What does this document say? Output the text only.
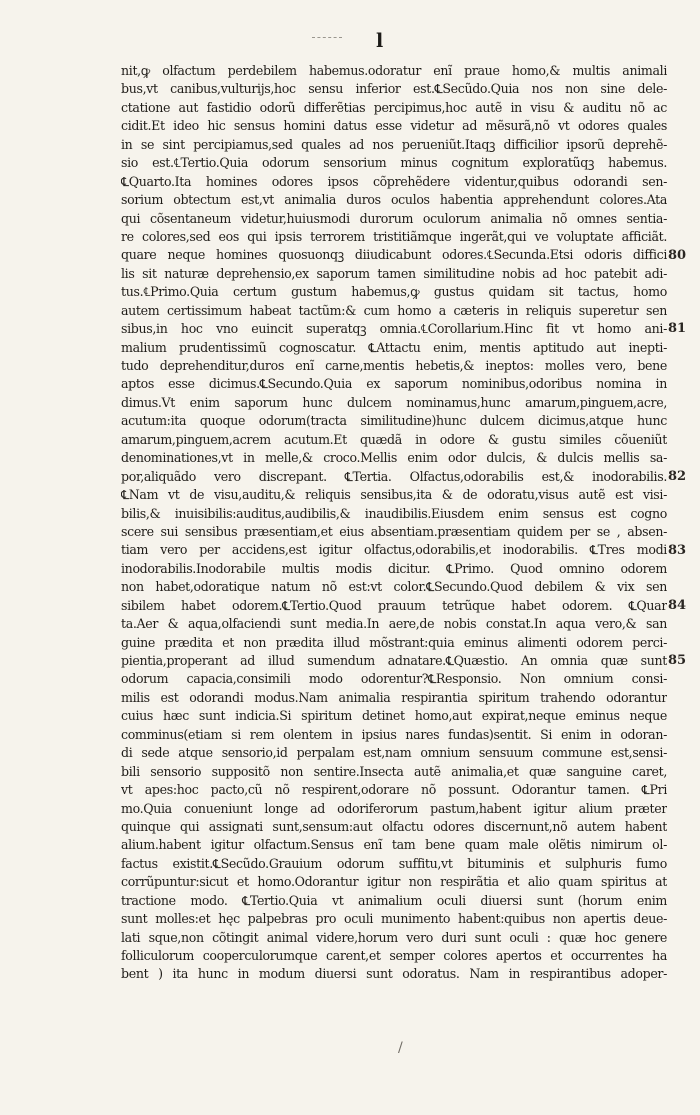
l
nit,ꝙ olfactum perdebilem habemus.odoratur enĩ praue homo,& multis animali
bus,vt canibus,vulturijs,hoc sensu inferior est.℄Secũdo.Quia nos non sine dele-
ctatione aut fastidio odorũ differẽtias percipimus,hoc autẽ in visu & auditu nõ ac
cidit.Et ideo hic sensus homini datus esse videtur ad mẽsurã,nõ vt odores quales
in se sint percipiamus,sed quales ad nos perueniũt.Itaqꝫ difficilior ipsorũ deprehẽ-
sio est.℄Tertio.Quia odorum sensorium minus cognitum exploratũqꝫ habemus.
℄Quarto.Ita homines odores ipsos cõprehẽdere videntur,quibus odorandi sen-
sorium obtectum est,vt animalia duros oculos habentia apprehendunt colores.Ata
qui cõsentaneum videtur,huiusmodi durorum oculorum animalia nõ omnes sentia-
re colores,sed eos qui ipsis terrorem tristitiãmque ingerãt,qui ve voluptate afficiãt.
quare neque homines quosuonqꝫ diiudicabunt odores.℄Secunda.Etsi odoris diffici
lis sit naturæ deprehensio,ex saporum tamen similitudine nobis ad hoc patebit adi-
tus.℄Primo.Quia certum gustum habemus,ꝙ gustus quidam sit tactus, homo
autem certissimum habeat tactũm:& cum homo a cæteris in reliquis superetur sen
sibus,in hoc vno euincit superatqꝫ omnia.℄Corollarium.Hinc fit vt homo ani-
malium prudentissimũ cognoscatur. ℄Attactu enim, mentis aptitudo aut inepti-
tudo deprehenditur,duros enĩ carne,mentis hebetis,& ineptos: molles vero, bene
aptos esse dicimus.℄Secundo.Quia ex saporum nominibus,odoribus nomina in
dimus.Vt enim saporum hunc dulcem nominamus,hunc amarum,pinguem,acre,
acutum:ita quoque odorum(tracta similitudine)hunc dulcem dicimus,atque hunc
amarum,pinguem,acrem acutum.Et quædã in odore & gustu similes cõueniũt
denominationes,vt in melle,& croco.Mellis enim odor dulcis, & dulcis mellis sa-
por,aliquãdo vero discrepant. ℄Tertia. Olfactus,odorabilis est,& inodorabilis.
℄Nam vt de visu,auditu,& reliquis sensibus,ita & de odoratu,visus autẽ est visi-
bilis,& inuisibilis:auditus,audibilis,& inaudibilis.Eiusdem enim sensus est cogno
scere sui sensibus præsentiam,et eius absentiam.præsentiam quidem per se , absen-
tiam vero per accidens,est igitur olfactus,odorabilis,et inodorabilis. ℄Tres modi
inodorabilis.Inodorabile multis modis dicitur. ℄Primo. Quod omnino odorem
non habet,odoratique natum nõ est:vt color.℄Secundo.Quod debilem & vix sen
sibilem habet odorem.℄Tertio.Quod prauum tetrũque habet odorem. ℄Quar
ta.Aer & aqua,olfaciendi sunt media.In aere,de nobis constat.In aqua vero,& san
guine prædita et non prædita illud mõstrant:quia eminus alimenti odorem perci-
pientia,properant ad illud sumendum adnatare.℄Quæstio. An omnia quæ sunt
odorum capacia,consimili modo odorentur?℄Responsio. Non omnium consi-
milis est odorandi modus.Nam animalia respirantia spiritum trahendo odorantur
cuius hæc sunt indicia.Si spiritum detinet homo,aut expirat,neque eminus neque
comminus(etiam si rem olentem in ipsius nares fundas)sentit. Si enim in odoran-
di sede atque sensorio,id perpalam est,nam omnium sensuum commune est,sensi-
bili sensorio suppositõ non sentire.Insecta autẽ animalia,et quæ sanguine caret,
vt apes:hoc pacto,cũ nõ respirent,odorare nõ possunt. Odorantur tamen. ℄Pri
mo.Quia conueniunt longe ad odoriferorum pastum,habent igitur alium præter
quinque qui assignati sunt,sensum:aut olfactu odores discernunt,nõ autem habent
alium.habent igitur olfactum.Sensus enĩ tam bene quam male olẽtis nimirum ol-
factus existit.℄Secũdo.Grauium odorum suffitu,vt bituminis et sulphuris fumo
corrũpuntur:sicut et homo.Odorantur igitur non respirãtia et alio quam spiritus at
tractione modo. ℄Tertio.Quia vt animalium oculi diuersi sunt (horum enim
sunt molles:et hęc palpebras pro oculi munimento habent:quibus non apertis deue-
lati sque,non cõtingit animal videre,horum vero duri sunt oculi : quæ hoc genere
folliculorum cooperculorumque carent,et semper colores apertos et occurrentes ha
bent ) ita hunc in modum diuersi sunt odoratus. Nam in respirantibus adoper-
80
81
82
83
84
85
/
